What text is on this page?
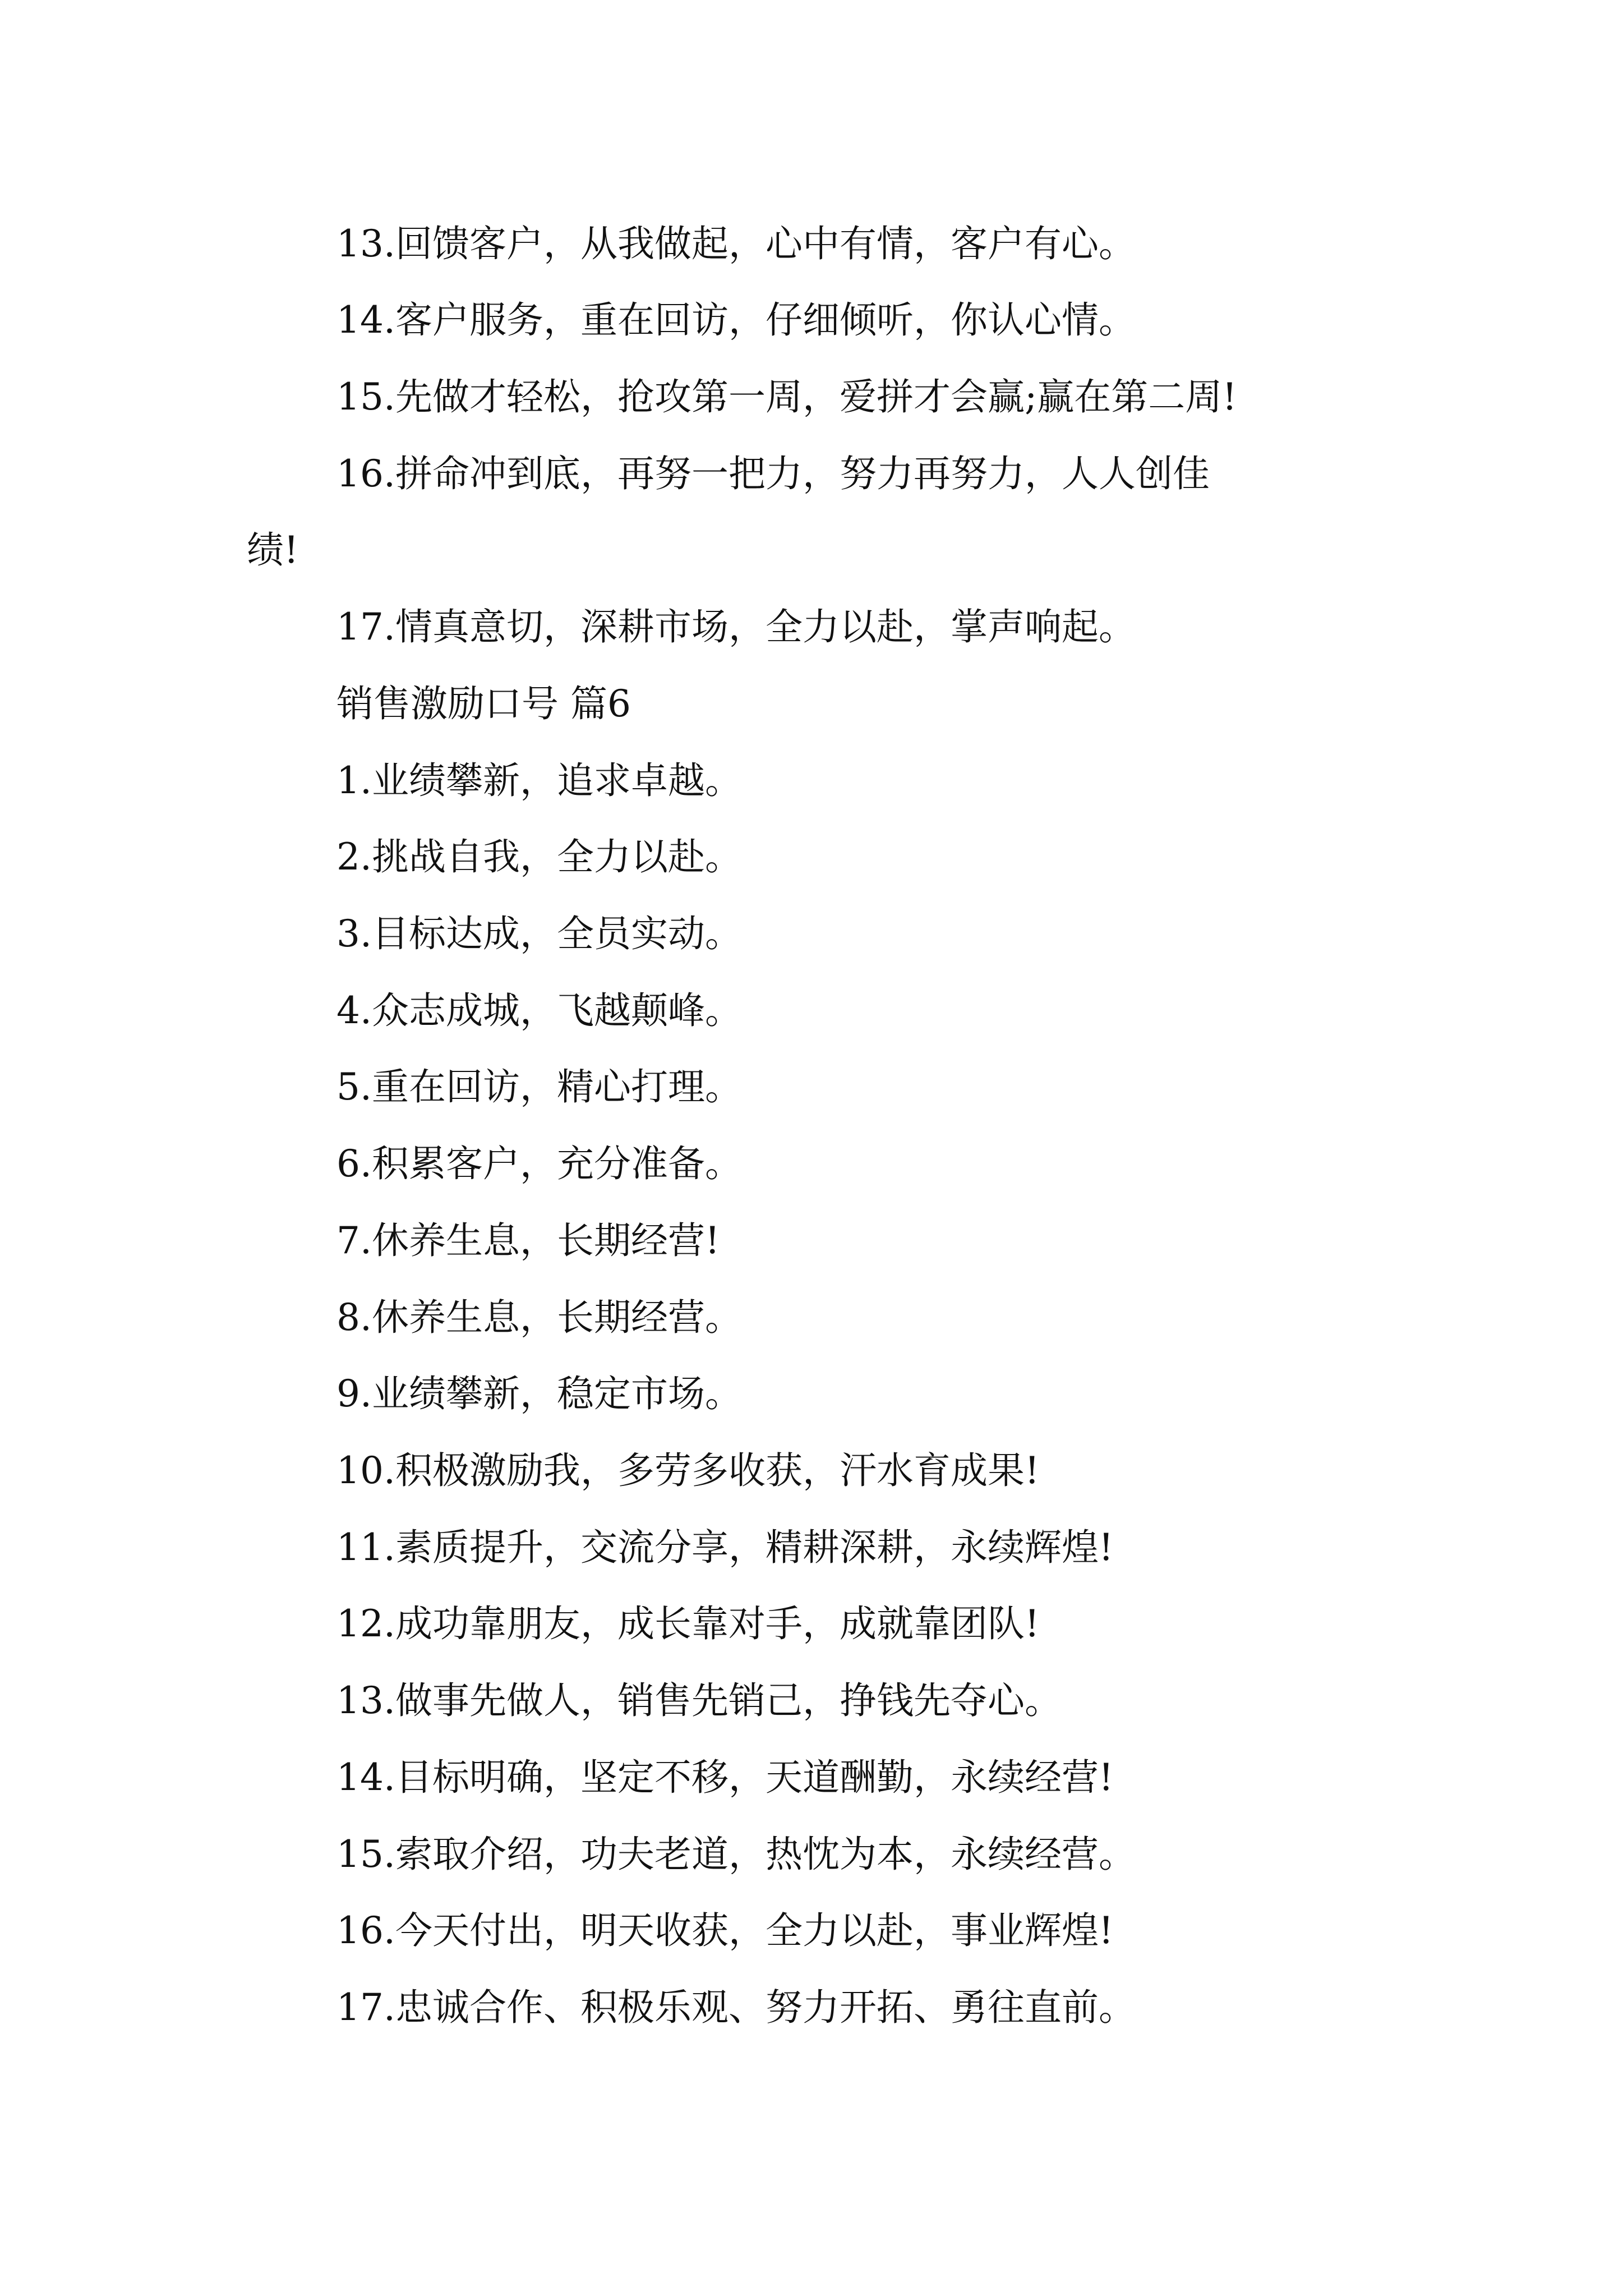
13.回馈客户，从我做起，心中有情，客户有心。
14.客户服务，重在回访，仔细倾听，你认心情。
15.先做才轻松，抢攻第一周，爱拼才会赢;赢在第二周!
16.拼命冲到底，再努一把力，努力再努力，人人创佳
绩!
17.情真意切，深耕市场，全力以赴，掌声响起。
销售激励口号 篇6
1.业绩攀新，追求卓越。
2.挑战自我，全力以赴。
3.目标达成，全员实动。
4.众志成城，飞越颠峰。
5.重在回访，精心打理。
6.积累客户，充分准备。
7.休养生息，长期经营!
8.休养生息，长期经营。
9.业绩攀新，稳定市场。
10.积极激励我，多劳多收获，汗水育成果!
11.素质提升，交流分享，精耕深耕，永续辉煌!
12.成功靠朋友，成长靠对手，成就靠团队!
13.做事先做人，销售先销己，挣钱先夺心。
14.目标明确，坚定不移，天道酬勤，永续经营!
15.索取介绍，功夫老道，热忱为本，永续经营。
16.今天付出，明天收获，全力以赴，事业辉煌!
17.忠诚合作、积极乐观、努力开拓、勇往直前。
